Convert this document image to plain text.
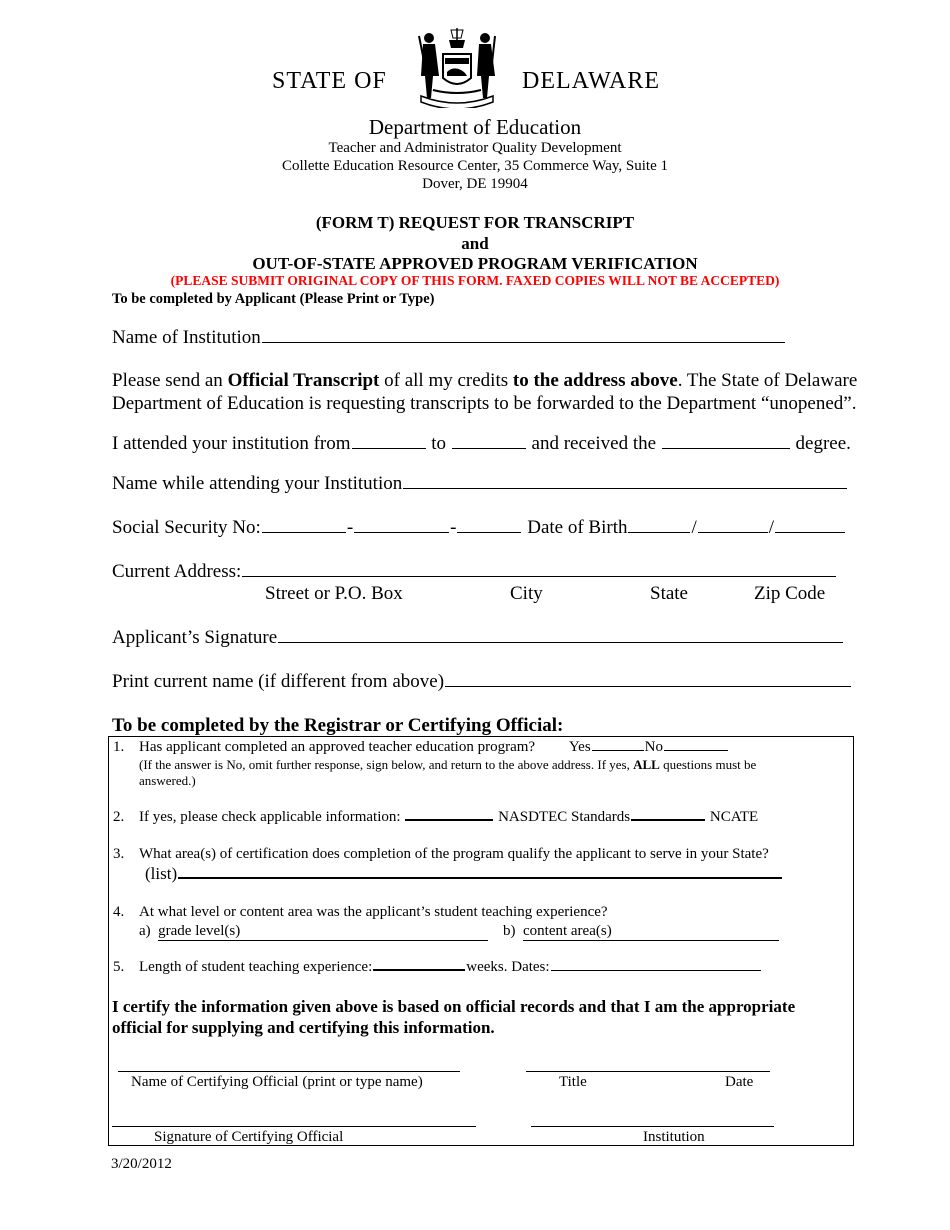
STATE OF	DELAWARE
Department of Education
Teacher and Administrator Quality Development
Collette Education Resource Center, 35 Commerce Way, Suite 1
Dover, DE 19904
(FORM T) REQUEST FOR TRANSCRIPT
and
OUT-OF-STATE APPROVED PROGRAM VERIFICATION
(PLEASE SUBMIT ORIGINAL COPY OF THIS FORM. FAXED COPIES WILL NOT BE ACCEPTED)
To be completed by Applicant (Please Print or Type)
Name of Institution
Please send an Official Transcript of all my credits to the address above. The State of Delaware
Department of Education is requesting transcripts to be forwarded to the Department “unopened”.
I attended your institution from	to	and received the	degree.
Name while attending your Institution
Social Security No:	-	-	Date of Birth	/	/
Current Address:
Street or P.O. Box	City	State	Zip Code
Applicant’s Signature
Print current name (if different from above)
To be completed by the Registrar or Certifying Official:
1. Has applicant completed an approved teacher education program? Yes	No
(If the answer is No, omit further response, sign below, and return to the above address. If yes, ALL questions must be
answered.)
2. If yes, please check applicable information:	NASDTEC Standards	NCATE
3. What area(s) of certification does completion of the program qualify the applicant to serve in your State?
(list)
4. At what level or content area was the applicant’s student teaching experience?
a) grade level(s)	b) content area(s)
5. Length of student teaching experience:	weeks. Dates:
I certify the information given above is based on official records and that I am the appropriate official for supplying and certifying this information.
Name of Certifying Official (print or type name)	Title	Date
Signature of Certifying Official	Institution
3/20/2012
